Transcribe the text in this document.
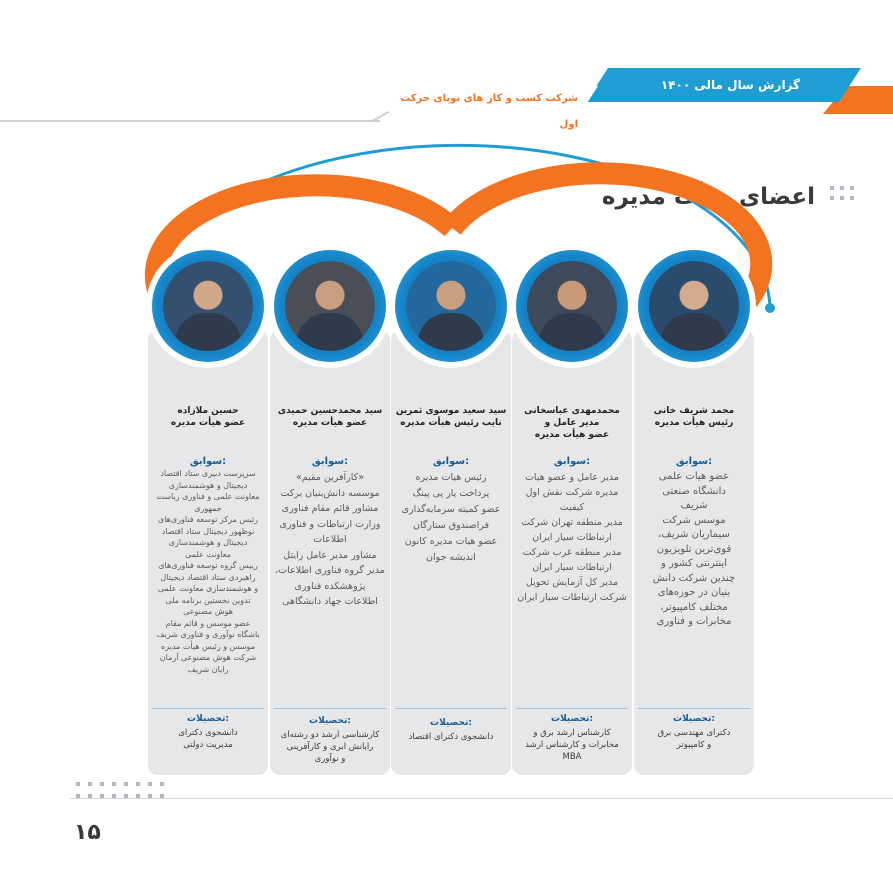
گزارش سال مالی ۱۴۰۰
شرکت کسب و کار های نوپای حرکت اول
اعضای هیأت مدیره
محمد شریف خانی
رئیس هیأت مدیره
سوابق:

عضو هیات علمی

دانشگاه صنعتی

شریف

موسس شرکت

سیماریان شریف،

قوی‌ترین تلویزیون

اینترنتی کشور و

چندین شرکت دانش

بنیان در حوزه‌های

مختلف کامپیوتر،

مخابرات و فناوری

تحصیلات:

دکترای مهندسی برق

و کامپیوتر

محمدمهدی عباسخانی
مدیر عامل و
عضو هیأت مدیره
سوابق:

مدیر عامل و عضو هیات

مدیره شرکت نقش اول

کیفیت

مدیر منطقه تهران شرکت

ارتباطات سیار ایران

مدیر منطقه غرب شرکت

ارتباطات سیار ایران

مدیر کل آزمایش تحویل

شرکت ارتباطات سیار ایران

تحصیلات:

کارشناس ارشد برق و

مخابرات و کارشناس ارشد

MBA

سید سعید موسوی ثمرین
نایب رئیس هیأت مدیره
سوابق:

رئیس هیات مدیره

پرداخت یار پی پینگ

عضو کمیته سرمایه‌گذاری

فراصندوق ستارگان

عضو هیات مدیره کانون

اندیشه جوان

تحصیلات:

دانشجوی دکترای اقتصاد

سید محمدحسین حمیدی
عضو هیأت مدیره
سوابق:

«کارآفرین مقیم»

موسسه دانش‌بنیان برکت

مشاور قائم مقام فناوری

وزارت ارتباطات و فناوری

اطلاعات

مشاور مدیر عامل رایتل

مدیر گروه فناوری اطلاعات،

پژوهشکده فناوری

اطلاعات جهاد دانشگاهی

تحصیلات:

کارشناسی ارشد دو رشته‌ای

رایانش ابری و کارآفرینی

و نوآوری

حسین ملازاده
عضو هیأت مدیره
سوابق:

سرپرست دبیری ستاد اقتصاد

دیجیتال و هوشمندسازی

معاونت علمی و فناوری ریاست

جمهوری

رئیس مرکز توسعه فناوری‌های

نوظهور دیجیتال ستاد اقتصاد

دیجیتال و هوشمندسازی

معاونت علمی

رییس گروه توسعه فناوری‌های

راهبردی ستاد اقتصاد دیجیتال

و هوشمندسازی معاونت علمی

تدوین نخستین برنامه ملی

هوش مصنوعی

عضو موسس و قائم مقام

باشگاه نوآوری و فناوری شریف

موسس و رئیس هیأت مدیره

شرکت هوش مصنوعی آرمان

رایان شریف

تحصیلات:

دانشجوی دکترای

مدیریت دولتی

۱۵
